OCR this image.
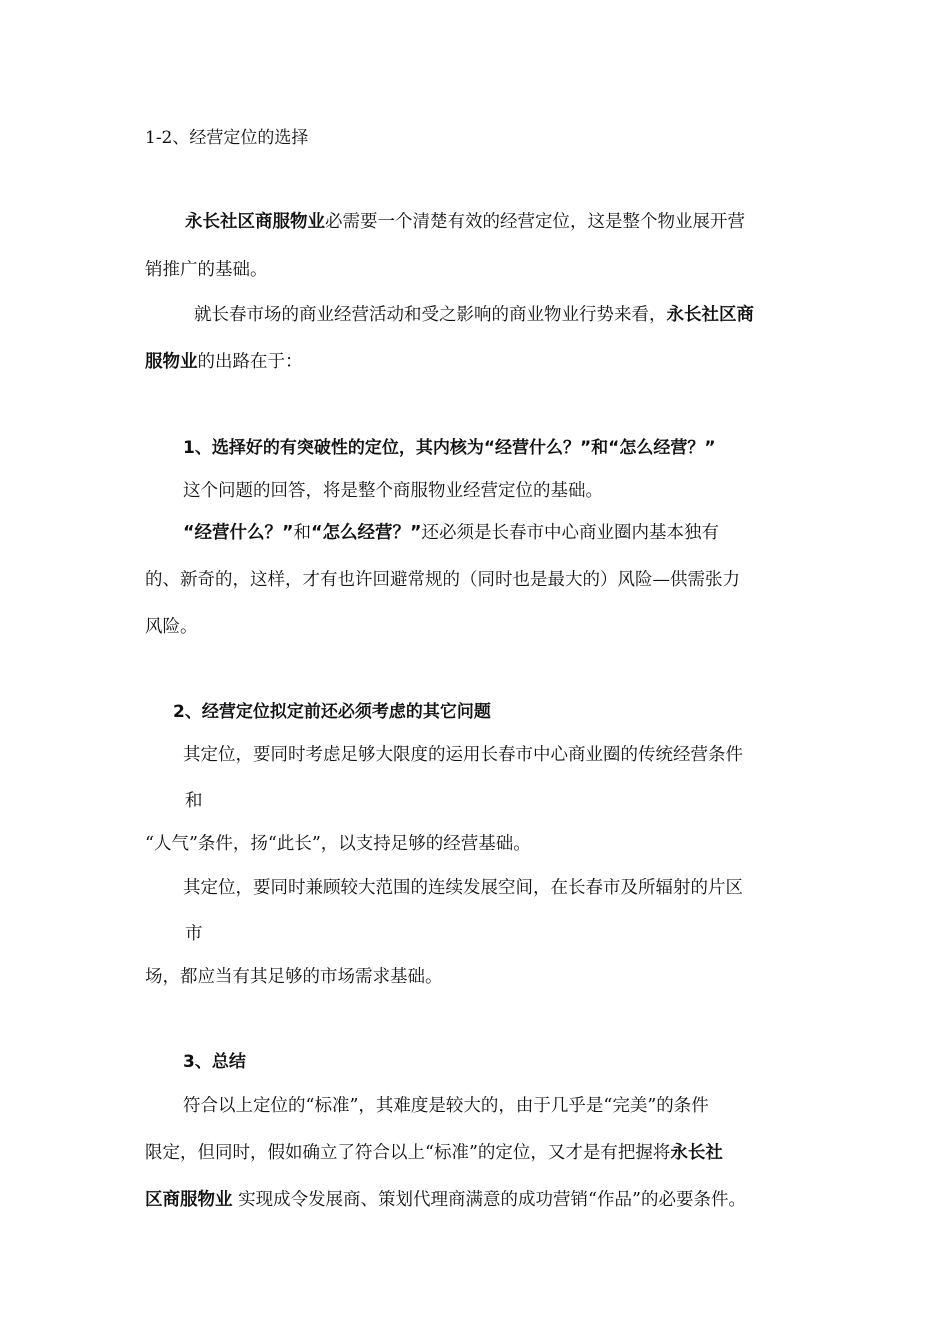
1-2、经营定位的选择
永长社区商服物业必需要一个清楚有效的经营定位，这是整个物业展开营
销推广的基础。
就长春市场的商业经营活动和受之影响的商业物业行势来看，永长社区商
服物业的出路在于：
1、选择好的有突破性的定位，其内核为“经营什么？”和“怎么经营？”
这个问题的回答，将是整个商服物业经营定位的基础。
“经营什么？”和“怎么经营？”还必须是长春市中心商业圈内基本独有
的、新奇的，这样，才有也许回避常规的（同时也是最大的）风险—供需张力
风险。
2、经营定位拟定前还必须考虑的其它问题
其定位，要同时考虑足够大限度的运用长春市中心商业圈的传统经营条件
和
“人气”条件，扬“此长”，以支持足够的经营基础。
其定位，要同时兼顾较大范围的连续发展空间，在长春市及所辐射的片区
市
场，都应当有其足够的市场需求基础。
3、总结
符合以上定位的“标准”，其难度是较大的，由于几乎是“完美”的条件
限定，但同时，假如确立了符合以上“标准”的定位，又才是有把握将永长社
区商服物业 实现成令发展商、策划代理商满意的成功营销“作品”的必要条件。
